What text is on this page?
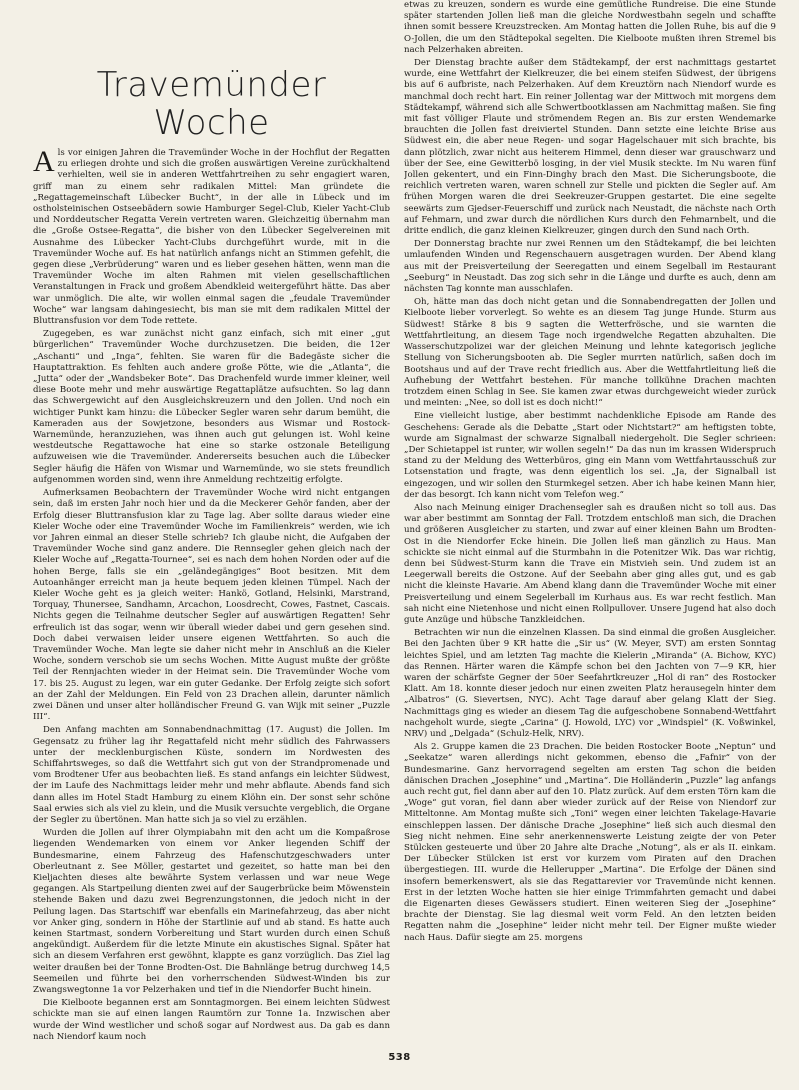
Travemünder
Woche

Als vor einigen Jahren die Travemünder Woche in der Hochflut der Regatten zu erliegen drohte und sich die großen auswärtigen Vereine zurückhaltend verhielten, weil sie in anderen Wettfahrtreihen zu sehr engagiert waren, griff man zu einem sehr radikalen Mittel: Man gründete die „Regattagemeinschaft Lübecker Bucht“, in der alle in Lübeck und im ostholsteinischen Ostseebädern sowie Hamburger Segel-Club, Kieler Yacht-Club und Norddeutscher Regatta Verein vertreten waren. Gleichzeitig übernahm man die „Große Ostsee-Regatta“, die bisher von den Lübecker Segelvereinen mit Ausnahme des Lübecker Yacht-Clubs durchgeführt wurde, mit in die Travemünder Woche auf. Es hat natürlich anfangs nicht an Stimmen gefehlt, die gegen diese „Verbrüderung“ waren und es lieber gesehen hätten, wenn man die Travemünder Woche im alten Rahmen mit vielen gesellschaftlichen Veranstaltungen in Frack und großem Abendkleid weitergeführt hätte. Das aber war unmöglich. Die alte, wir wollen einmal sagen die „feudale Travemünder Woche“ war langsam dahingesiecht, bis man sie mit dem radikalen Mittel der Bluttransfusion vor dem Tode rettete.

Zugegeben, es war zunächst nicht ganz einfach, sich mit einer „gut bürgerlichen“ Travemünder Woche durchzusetzen. Die beiden, die 12er „Aschanti“ und „Inga“, fehlten. Sie waren für die Badegäste sicher die Hauptattraktion. Es fehlten auch andere große Pötte, wie die „Atlanta“, die „Jutta“ oder der „Wandsbeker Bote“. Das Drachenfeld wurde immer kleiner, weil diese Boote mehr und mehr auswärtige Regattaplätze aufsuchten. So lag dann das Schwergewicht auf den Ausgleichskreuzern und den Jollen. Und noch ein wichtiger Punkt kam hinzu: die Lübecker Segler waren sehr darum bemüht, die Kameraden aus der Sowjetzone, besonders aus Wismar und Rostock-Warnemünde, heranzuziehen, was ihnen auch gut gelungen ist. Wohl keine westdeutsche Regattawoche hat eine so starke ostzonale Beteiligung aufzuweisen wie die Travemünder. Andererseits besuchen auch die Lübecker Segler häufig die Häfen von Wismar und Warnemünde, wo sie stets freundlich aufgenommen worden sind, wenn ihre Anmeldung rechtzeitig erfolgte.

Aufmerksamen Beobachtern der Travemünder Woche wird nicht entgangen sein, daß im ersten Jahr noch hier und da die Meckerer Gehör fanden, aber der Erfolg dieser Bluttransfusion klar zu Tage lag. Aber sollte daraus wieder eine Kieler Woche oder eine Travemünder Woche im Familienkreis“ werden, wie ich vor Jahren einmal an dieser Stelle schrieb? Ich glaube nicht, die Aufgaben der Travemünder Woche sind ganz andere. Die Rennsegler gehen gleich nach der Kieler Woche auf „Regatta-Tournee“, sei es nach dem hohen Norden oder auf die hohen Berge, falls sie ein „geländegängiges“ Boot besitzen. Mit dem Autoanhänger erreicht man ja heute bequem jeden kleinen Tümpel. Nach der Kieler Woche geht es ja gleich weiter: Hankö, Gotland, Helsinki, Marstrand, Torquay, Thunersee, Sandhamn, Arcachon, Loosdrecht, Cowes, Fastnet, Cascais. Nichts gegen die Teilnahme deutscher Segler auf auswärtigen Regatten! Sehr erfreulich ist das sogar, wenn wir überall wieder dabei und gern gesehen sind. Doch dabei verwaisen leider unsere eigenen Wettfahrten. So auch die Travemünder Woche. Man legte sie daher nicht mehr in Anschluß an die Kieler Woche, sondern verschob sie um sechs Wochen. Mitte August mußte der größte Teil der Rennjachten wieder in der Heimat sein. Die Travemünder Woche vom 17. bis 25. August zu legen, war ein guter Gedanke. Der Erfolg zeigte sich sofort an der Zahl der Meldungen. Ein Feld von 23 Drachen allein, darunter nämlich zwei Dänen und unser alter holländischer Freund G. van Wijk mit seiner „Puzzle III“.

Den Anfang machten am Sonnabendnachmittag (17. August) die Jollen. Im Gegensatz zu früher lag ihr Regattafeld nicht mehr südlich des Fahrwassers unter der mecklenburgischen Küste, sondern im Nordwesten des Schiffahrtsweges, so daß die Wettfahrt sich gut von der Strandpromenade und vom Brodtener Ufer aus beobachten ließ. Es stand anfangs ein leichter Südwest, der im Laufe des Nachmittags leider mehr und mehr abflaute. Abends fand sich dann alles im Hotel Stadt Hamburg zu einem Klöhn ein. Der sonst sehr schöne Saal erwies sich als viel zu klein, und die Musik versuchte vergeblich, die Organe der Segler zu übertönen. Man hatte sich ja so viel zu erzählen.

Wurden die Jollen auf ihrer Olympiabahn mit den acht um die Kompaßrose liegenden Wendemarken von einem vor Anker liegenden Schiff der Bundesmarine, einem Fahrzeug des Hafenschutzgeschwaders unter Oberleutnant z. See Möller, gestartet und gezeitet, so hatte man bei den Kieljachten dieses alte bewährte System verlassen und war neue Wege gegangen. Als Startpeilung dienten zwei auf der Saugerbrücke beim Möwenstein stehende Baken und dazu zwei Begrenzungstonnen, die jedoch nicht in der Peilung lagen. Das Startschiff war ebenfalls ein Marinefahrzeug, das aber nicht vor Anker ging, sondern in Höhe der Startlinie auf und ab stand. Es hatte auch keinen Startmast, sondern Vorbereitung und Start wurden durch einen Schuß angekündigt. Außerdem für die letzte Minute ein akustisches Signal. Später hat sich an diesem Verfahren erst gewöhnt, klappte es ganz vorzüglich. Das Ziel lag weiter draußen bei der Tonne Brodten-Ost. Die Bahnlänge betrug durchweg 14,5 Seemeilen und führte bei den vorherrschenden Südwest-Winden bis zur Zwangswegtonne 1a vor Pelzerhaken und tief in die Niendorfer Bucht hinein.

Die Kielboote begannen erst am Sonntagmorgen. Bei einem leichten Südwest schickte man sie auf einen langen Raumtörn zur Tonne 1a. Inzwischen aber wurde der Wind westlicher und schoß sogar auf Nordwest aus. Da gab es dann nach Niendorf kaum noch

etwas zu kreuzen, sondern es wurde eine gemütliche Rundreise. Die eine Stunde später startenden Jollen ließ man die gleiche Nordwestbahn segeln und schaffte ihnen somit bessere Kreuzstrecken. Am Montag hatten die Jollen Ruhe, bis auf die 9 O-Jollen, die um den Städtepokal segelten. Die Kielboote mußten ihren Stremel bis nach Pelzerhaken abreiten.

Der Dienstag brachte außer dem Städtekampf, der erst nachmittags gestartet wurde, eine Wettfahrt der Kielkreuzer, die bei einem steifen Südwest, der übrigens bis auf 6 aufbriste, nach Pelzerhaken. Auf dem Kreuztörn nach Niendorf wurde es manchmal doch recht hart. Ein reiner Jollentag war der Mittwoch mit morgens dem Städtekampf, während sich alle Schwertbootklassen am Nachmittag maßen. Sie fing mit fast völliger Flaute und strömendem Regen an. Bis zur ersten Wendemarke brauchten die Jollen fast dreiviertel Stunden. Dann setzte eine leichte Brise aus Südwest ein, die aber neue Regen- und sogar Hagelschauer mit sich brachte, bis dann plötzlich, zwar nicht aus heiterem Himmel, denn dieser war grauschwarz und über der See, eine Gewitterbö losging, in der viel Musik steckte. Im Nu waren fünf Jollen gekentert, und ein Finn-Dinghy brach den Mast. Die Sicherungsboote, die reichlich vertreten waren, waren schnell zur Stelle und pickten die Segler auf. Am frühen Morgen waren die drei Seekreuzer-Gruppen gestartet. Die eine segelte seewärts zum Gjedser-Feuerschiff und zurück nach Neustadt, die nächste nach Orth auf Fehmarn, und zwar durch die nördlichen Kurs durch den Fehmarnbelt, und die dritte endlich, die ganz kleinen Kielkreuzer, gingen durch den Sund nach Orth.

Der Donnerstag brachte nur zwei Rennen um den Städtekampf, die bei leichten umlaufenden Winden und Regenschauern ausgetragen wurden. Der Abend klang aus mit der Preisverteilung der Seeregatten und einem Segelball im Restaurant „Seeburg“ in Neustadt. Das zog sich sehr in die Länge und durfte es auch, denn am nächsten Tag konnte man ausschlafen.

Oh, hätte man das doch nicht getan und die Sonnabendregatten der Jollen und Kielboote lieber vorverlegt. So wehte es an diesem Tag junge Hunde. Sturm aus Südwest! Stärke 8 bis 9 sagten die Wetterfrösche, und sie warnten die Wettfahrtleitung, an diesem Tage noch irgendwelche Regatten abzuhalten. Die Wasserschutzpolizei war der gleichen Meinung und lehnte kategorisch jegliche Stellung von Sicherungsbooten ab. Die Segler murrten natürlich, saßen doch im Bootshaus und auf der Trave recht friedlich aus. Aber die Wettfahrtleitung ließ die Aufhebung der Wettfahrt bestehen. Für manche tollkühne Drachen machten trotzdem einen Schlag in See. Sie kamen zwar etwas durchgeweicht wieder zurück und meinten: „Nee, so doll ist es doch nicht!“

Eine vielleicht lustige, aber bestimmt nachdenkliche Episode am Rande des Geschehens: Gerade als die Debatte „Start oder Nichtstart?“ am heftigsten tobte, wurde am Signalmast der schwarze Signalball niedergeholt. Die Segler schrieen: „Der Schietappel ist runter, wir wollen segeln!“ Da das nun im krassen Widerspruch stand zu der Meldung des Wetterbüros, ging ein Mann vom Wettfahrtausschuß zur Lotsenstation und fragte, was denn eigentlich los sei. „Ja, der Signalball ist eingezogen, und wir sollen den Sturmkegel setzen. Aber ich habe keinen Mann hier, der das besorgt. Ich kann nicht vom Telefon weg.“

Also nach Meinung einiger Drachensegler sah es draußen nicht so toll aus. Das war aber bestimmt am Sonntag der Fall. Trotzdem entschloß man sich, die Drachen und größeren Ausgleicher zu starten, und zwar auf einer kleinen Bahn um Brodten-Ost in die Niendorfer Ecke hinein. Die Jollen ließ man gänzlich zu Haus. Man schickte sie nicht einmal auf die Sturmbahn in die Potenitzer Wik. Das war richtig, denn bei Südwest-Sturm kann die Trave ein Mistvieh sein. Und zudem ist an Leegerwall bereits die Ostzone. Auf der Seebahn aber ging alles gut, und es gab nicht die kleinste Havarie. Am Abend klang dann die Travemünder Woche mit einer Preisverteilung und einem Segelerball im Kurhaus aus. Es war recht festlich. Man sah nicht eine Nietenhose und nicht einen Rollpullover. Unsere Jugend hat also doch gute Anzüge und hübsche Tanzkleidchen.

Betrachten wir nun die einzelnen Klassen. Da sind einmal die großen Ausgleicher. Bei den Jachten über 9 KR hatte die „Sir us“ (W. Meyer, SVT) am ersten Sonntag leichtes Spiel, und am letzten Tag machte die Kielerin „Miranda“ (A. Bichow, KYC) das Rennen. Härter waren die Kämpfe schon bei den Jachten von 7—9 KR, hier waren der schärfste Gegner der 50er Seefahrtkreuzer „Hol di ran“ des Rostocker Klatt. Am 18. konnte dieser jedoch nur einen zweiten Platz herausegeln hinter dem „Albatros“ (G. Sievertsen, NYC). Acht Tage darauf aber gelang Klatt der Sieg. Nachmittags ging es wieder an diesem Tag die aufgeschobene Sonnabend-Wettfahrt nachgeholt wurde, siegte „Carina“ (J. Howold, LYC) vor „Windspiel“ (K. Voßwinkel, NRV) und „Delgada“ (Schulz-Helk, NRV).

Als 2. Gruppe kamen die 23 Drachen. Die beiden Rostocker Boote „Neptun“ und „Seekatze“ waren allerdings nicht gekommen, ebenso die „Fafnir“ von der Bundesmarine. Ganz hervorragend segelten am ersten Tag schon die beiden dänischen Drachen „Josephine“ und „Martina“. Die Holländerin „Puzzle“ lag anfangs auch recht gut, fiel dann aber auf den 10. Platz zurück. Auf dem ersten Törn kam die „Woge“ gut voran, fiel dann aber wieder zurück auf der Reise von Niendorf zur Mitteltonne. Am Montag mußte sich „Toni“ wegen einer leichten Takelage-Havarie einschleppen lassen. Der dänische Drache „Josephine“ ließ sich auch diesmal den Sieg nicht nehmen. Eine sehr anerkennenswerte Leistung zeigte der von Peter Stülcken gesteuerte und über 20 Jahre alte Drache „Notung“, als er als II. einkam. Der Lübecker Stülcken ist erst vor kurzem vom Piraten auf den Drachen übergestiegen. III. wurde die Hellerupper „Martina“. Die Erfolge der Dänen sind insofern bemerkenswert, als sie das Regattarevier vor Travemünde nicht kennen. Erst in der letzten Woche hatten sie hier einige Trimmfahrten gemacht und dabei die Eigenarten dieses Gewässers studiert. Einen weiteren Sieg der „Josephine“ brachte der Dienstag. Sie lag diesmal weit vorm Feld. An den letzten beiden Regatten nahm die „Josephine“ leider nicht mehr teil. Der Eigner mußte wieder nach Haus. Dafür siegte am 25. morgens

538
